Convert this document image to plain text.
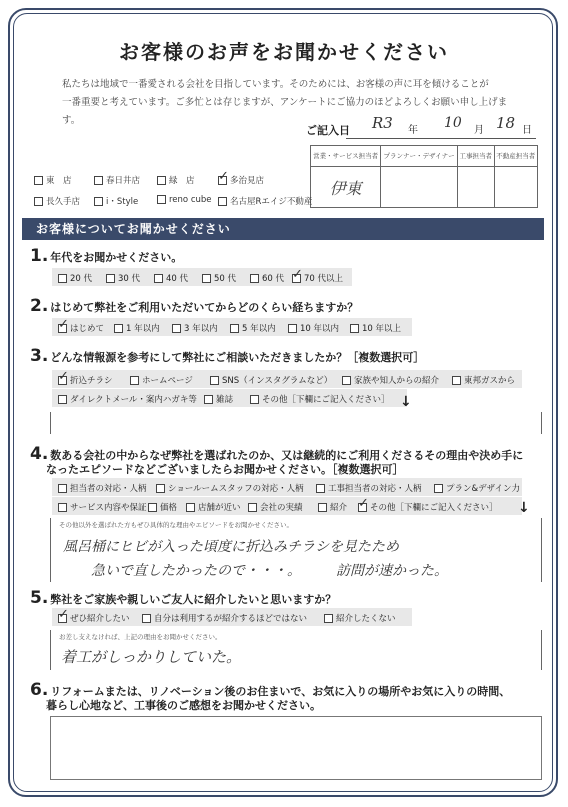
お客様のお声をお聞かせください
私たちは地域で一番愛される会社を目指しています。そのためには、お客様の声に耳を傾けることが
一番重要と考えています。ご多忙とは存じますが、アンケートにご協力のほどよろしくお願い申し上げます。
ご記入日 R3 年 10 月 18 日
営業・サービス担当者	プランナー・デザイナー	工事担当者	不動産担当者
伊東			
東　店	春日井店	緑　店 ✓	多治見店
長久手店	i・Style	reno cube	名古屋Rエイジ不動産
お客様についてお聞かせください
1. 年代をお聞かせください。
20 代	30 代	40 代	50 代	60 代 ✓	70 代以上
2. はじめて弊社をご利用いただいてからどのくらい経ちますか？
✓はじめて	1 年以内	3 年以内	5 年以内	10 年以内	10 年以上
3. どんな情報源を参考にして弊社にご相談いただきましたか？［複数選択可］
✓折込チラシ	ホームページ	SNS（インスタグラムなど）	家族や知人からの紹介	東邦ガスから
ダイレクトメール・案内ハガキ等	雑誌	その他［下欄にご記入ください］ ↓
4. 数ある会社の中からなぜ弊社を選ばれたのか、又は継続的にご利用くださるその理由や決め手に
なったエピソードなどございましたらお聞かせください。［複数選択可］
担当者の対応・人柄	ショールームスタッフの対応・人柄	工事担当者の対応・人柄	プラン&デザイン力
サービス内容や保証	価格	店舗が近い	会社の実績	紹介 ✓	その他［下欄にご記入ください］ ↓
その他以外を選ばれた方もぜひ具体的な理由やエピソードをお聞かせください。
風呂桶にヒビが入った頃度に折込みチラシを見たため
急いで直したかったので・・・。　　　訪問が速かった。
5. 弊社をご家族や親しいご友人に紹介したいと思いますか？
✓ぜひ紹介したい	自分は利用するが紹介するほどではない	紹介したくない
お差し支えなければ、上記の理由をお聞かせください。
着工がしっかりしていた。
6. リフォームまたは、リノベーション後のお住まいで、お気に入りの場所やお気に入りの時間、
暮らし心地など、工事後のご感想をお聞かせください。
